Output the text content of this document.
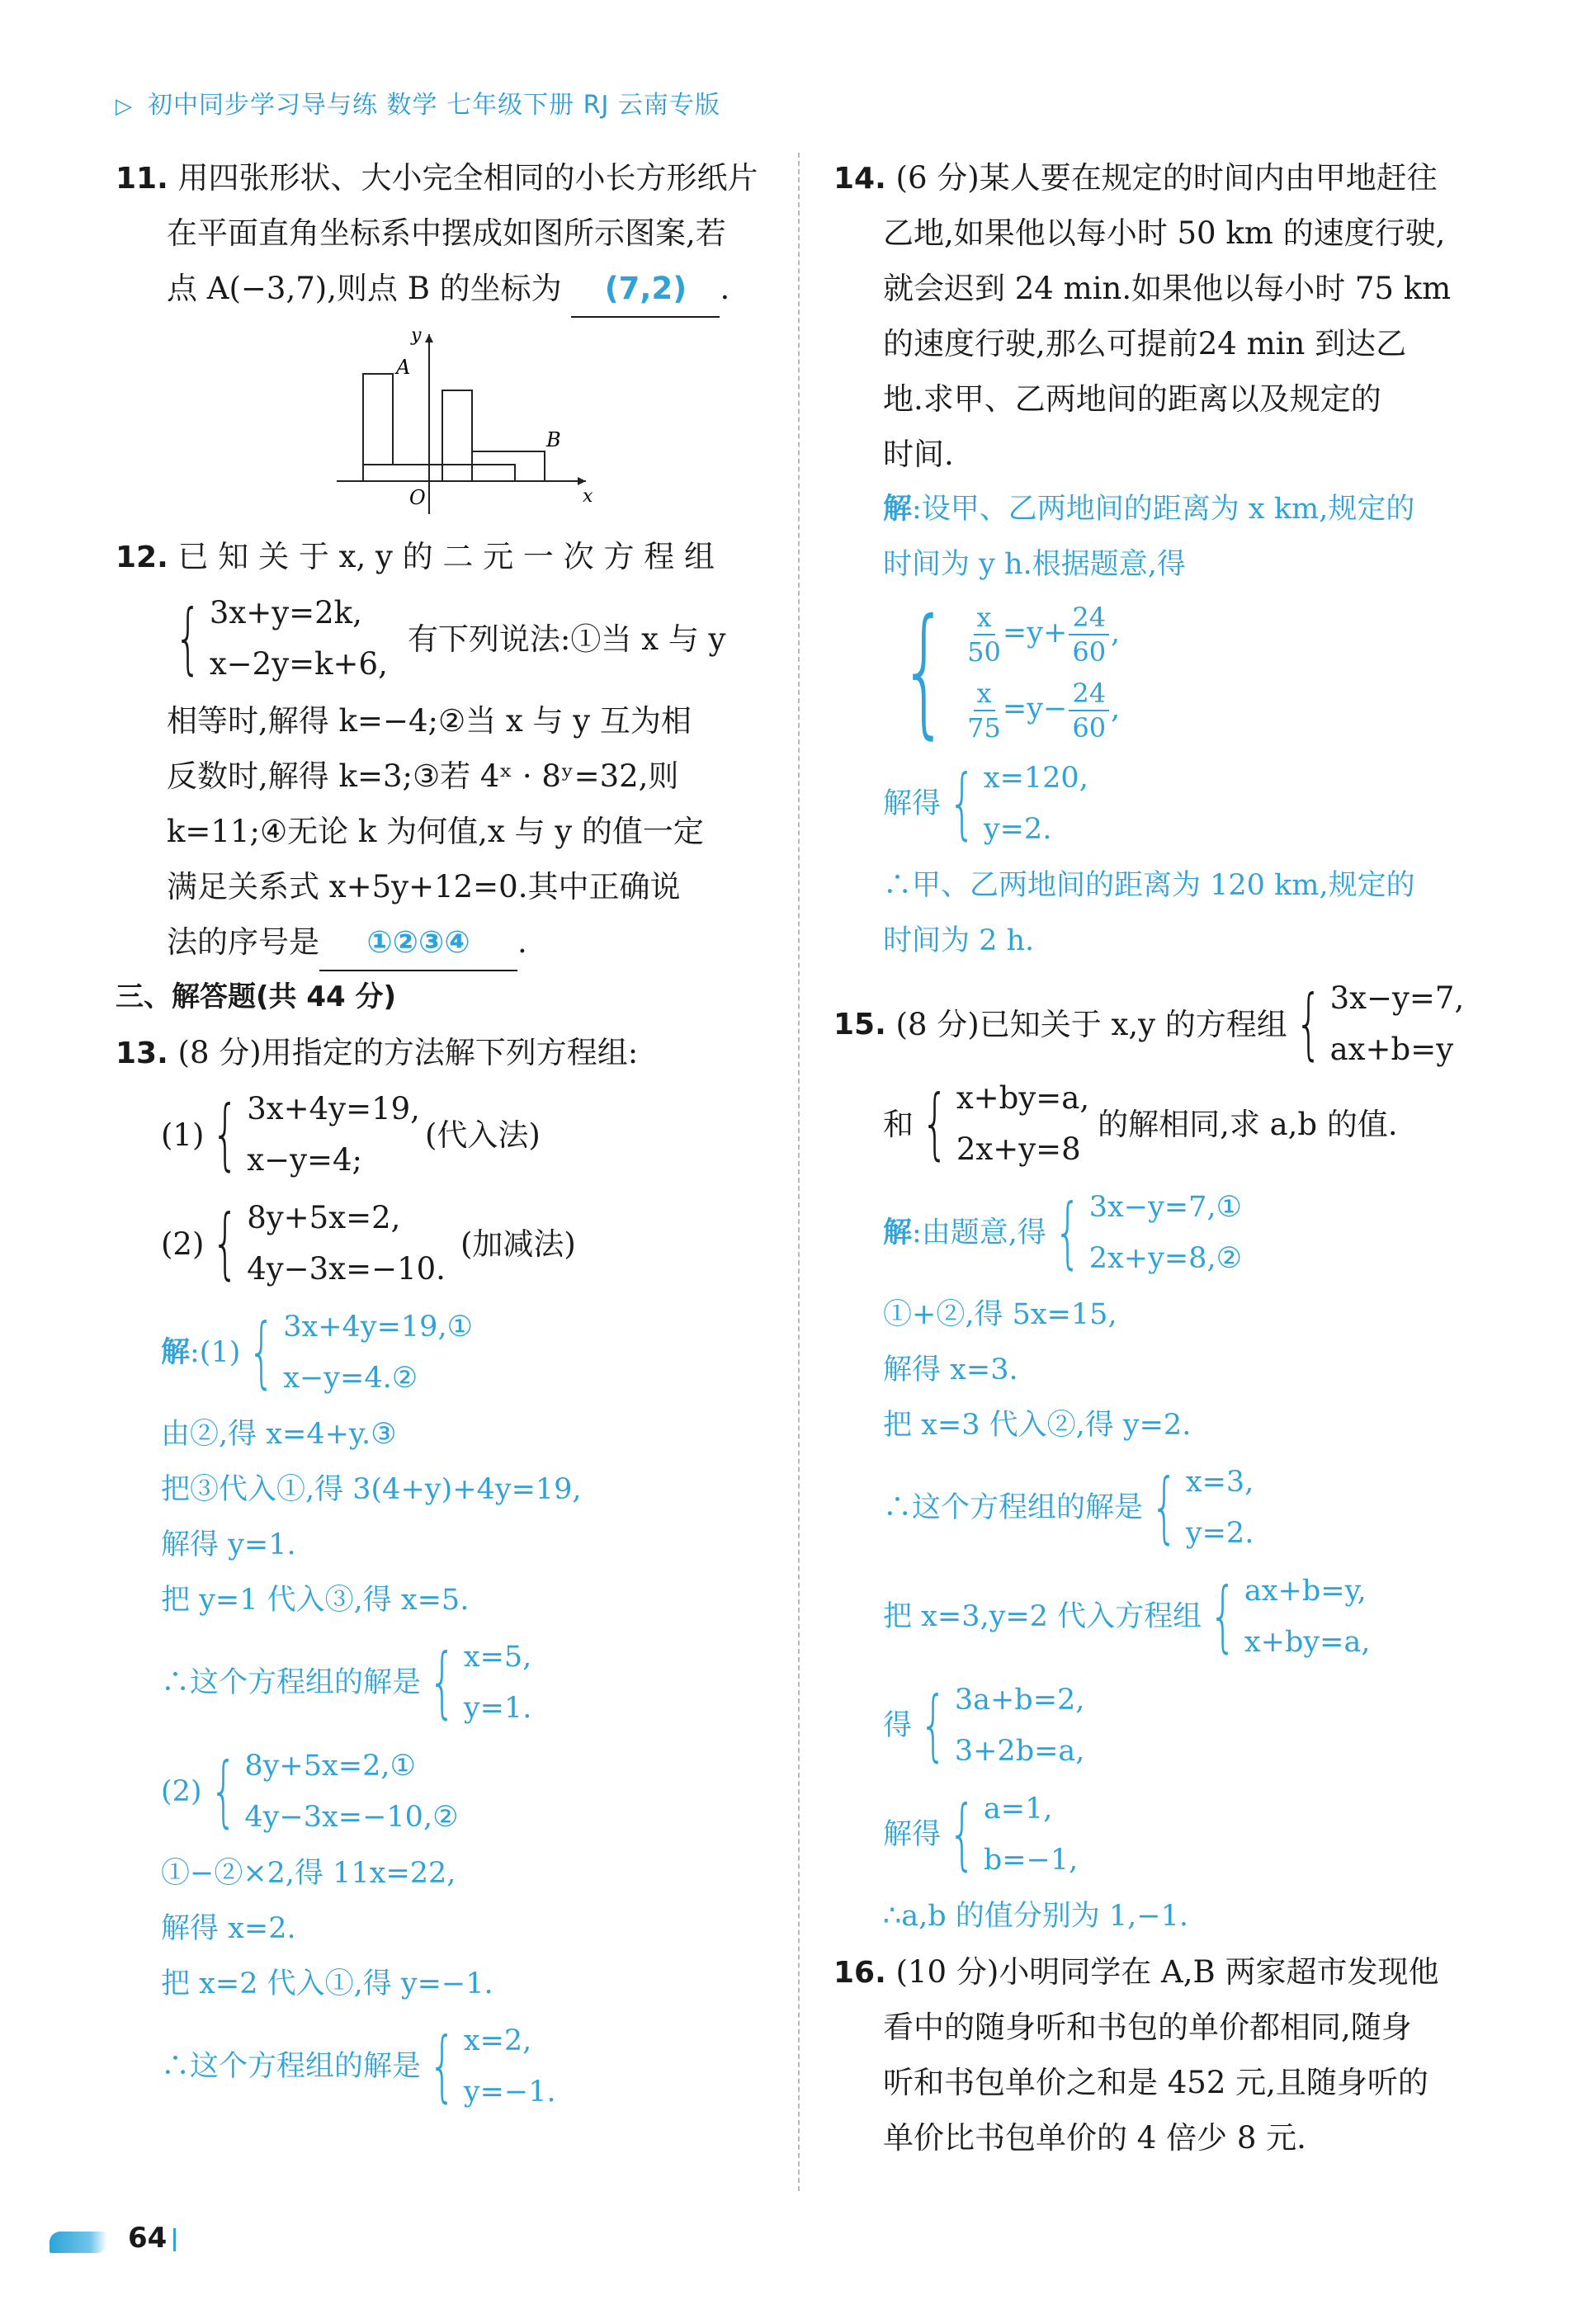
▷ 初中同步学习导与练 数学 七年级下册 RJ 云南专版
11. 用四张形状、大小完全相同的小长方形纸片
在平面直角坐标系中摆成如图所示图案,若
点 A(−3,7),则点 B 的坐标为 (7,2) .
y
x
A
B
O
12. 已 知 关 于 x, y 的 二 元 一 次 方 程 组
{ 3x+y=2k,
x−2y=k+6,
有下列说法:①当 x 与 y
相等时,解得 k=−4;②当 x 与 y 互为相
反数时,解得 k=3;③若 4ˣ · 8ʸ=32,则
k=11;④无论 k 为何值,x 与 y 的值一定
满足关系式 x+5y+12=0.其中正确说
法的序号是 ①②③④ .
三、解答题(共 44 分)
13. (8 分)用指定的方法解下列方程组:
(1) { 3x+4y=19,
x−y=4;
(代入法)
(2) { 8y+5x=2,
4y−3x=−10.
(加减法)
解 :(1) { 3x+4y=19,①
x−y=4.②
由②,得 x=4+y.③
把③代入①,得 3(4+y)+4y=19,
解得 y=1.
把 y=1 代入③,得 x=5.
∴这个方程组的解是 { x=5,
y=1.
(2) { 8y+5x=2,①
4y−3x=−10,②
①−②×2,得 11x=22,
解得 x=2.
把 x=2 代入①,得 y=−1.
∴这个方程组的解是 { x=2,
y=−1.
14. (6 分)某人要在规定的时间内由甲地赶往
乙地,如果他以每小时 50 km 的速度行驶,
就会迟到 24 min.如果他以每小时 75 km
的速度行驶,那么可提前24 min 到达乙
地.求甲、乙两地间的距离以及规定的
时间.
解:设甲、乙两地间的距离为 x km,规定的
时间为 y h.根据题意,得
{ $\frac{x}{50} =y+ \frac{24}{60}$ ,
$\frac{x}{75} =y- \frac{24}{60}$ ,
解得 { x=120,
y=2.
∴甲、乙两地间的距离为 120 km,规定的
时间为 2 h.
15.
(8 分)已知关于 x,y 的方程组 { 3x−y=7,
ax+b=y
和 { x+by=a,
2x+y=8
的解相同,求 a,b 的值.
解 :由题意,得 { 3x−y=7,①
2x+y=8,②
①+②,得 5x=15,
解得 x=3.
把 x=3 代入②,得 y=2.
∴这个方程组的解是 { x=3,
y=2.
把 x=3,y=2 代入方程组 { ax+b=y,
x+by=a,
得 { 3a+b=2,
3+2b=a,
解得 { a=1,
b=−1,
∴a,b 的值分别为 1,−1.
16. (10 分)小明同学在 A,B 两家超市发现他
看中的随身听和书包的单价都相同,随身
听和书包单价之和是 452 元,且随身听的
单价比书包单价的 4 倍少 8 元.
64
